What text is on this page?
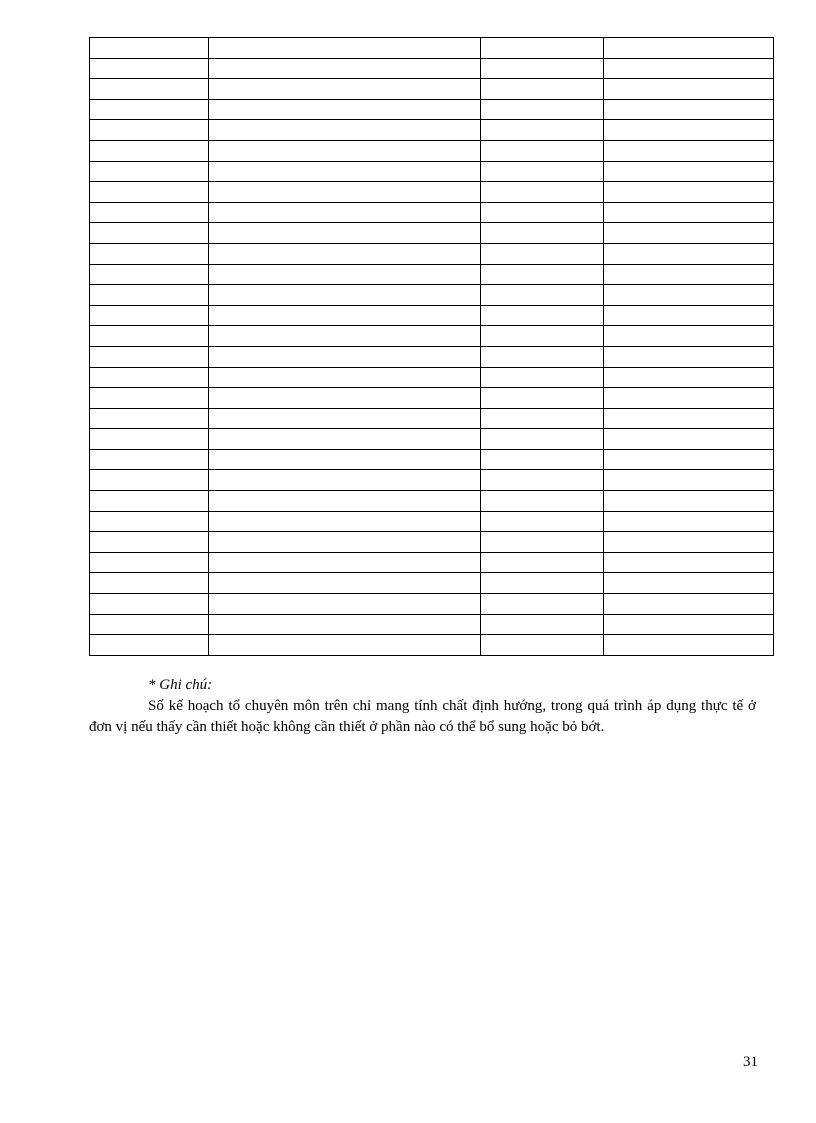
* Ghi chú:

Số kế hoạch tổ chuyên môn trên chỉ mang tính chất định hướng, trong quá trình áp dụng thực tế ở đơn vị nếu thấy cần thiết hoặc không cần thiết ở phần nào có thể bổ sung hoặc bỏ bớt.

31
